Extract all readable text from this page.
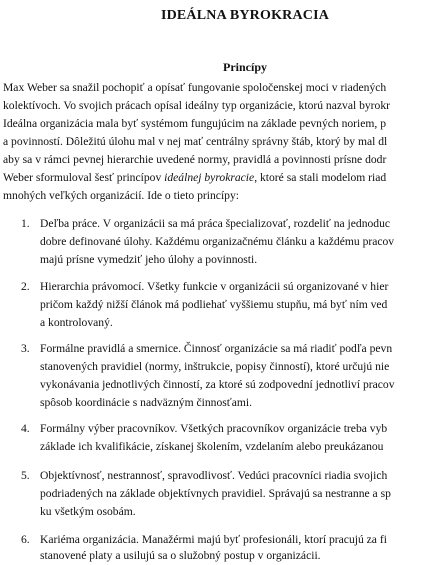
IDEÁLNA BYROKRACIA
Princípy
Max Weber sa snažil pochopiť a opísať fungovanie spoločenskej moci v riadených
kolektívoch. Vo svojich prácach opísal ideálny typ organizácie, ktorú nazval byrokr
Ideálna organizácia mala byť systémom fungujúcim na základe pevných noriem, p
a povinností. Dôležitú úlohu mal v nej mať centrálny správny štáb, ktorý by mal dl
aby sa v rámci pevnej hierarchie uvedené normy, pravidlá a povinnosti prísne dodr
Weber sformuloval šesť princípov ideálnej byrokracie, ktoré sa stali modelom riad
mnohých veľkých organizácií. Ide o tieto princípy:
1. Deľba práce. V organizácii sa má práca špecializovať, rozdeliť na jednoduc
dobre definované úlohy. Každému organizačnému článku a každému pracov
majú prísne vymedziť jeho úlohy a povinnosti.
2. Hierarchia právomocí. Všetky funkcie v organizácii sú organizované v hier
pričom každý nižší článok má podliehať vyššiemu stupňu, má byť ním ved
a kontrolovaný.
3. Formálne pravidlá a smernice. Činnosť organizácie sa má riadiť podľa pevn
stanovených pravidiel (normy, inštrukcie, popisy činností), ktoré určujú nie
vykonávania jednotlivých činností, za ktoré sú zodpovední jednotliví pracov
spôsob koordinácie s nadväzným činnosťami.
4. Formálny výber pracovníkov. Všetkých pracovníkov organizácie treba vyb
základe ich kvalifikácie, získanej školením, vzdelaním alebo preukázanou
5. Objektívnosť, nestrannosť, spravodlivosť. Vedúci pracovníci riadia svojich
podriadených na základe objektívnych pravidiel. Správajú sa nestranne a sp
ku všetkým osobám.
6. Kariéma organizácia. Manažérmi majú byť profesionáli, ktorí pracujú za fi
stanovené platy a usilujú sa o služobný postup v organizácii.
